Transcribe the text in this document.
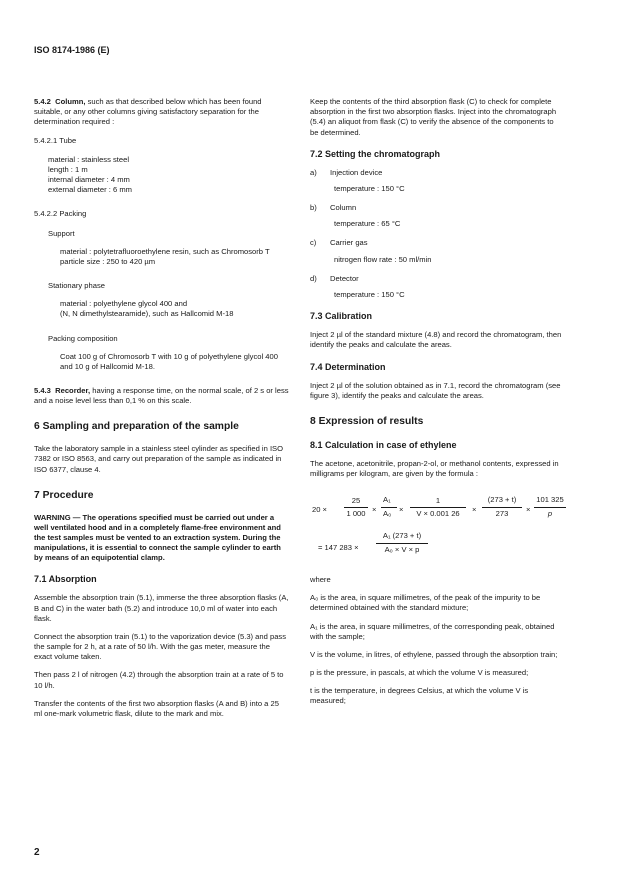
ISO 8174-1986 (E)

5.4.2 Column, such as that described below which has been found suitable, or any other columns giving satisfactory separation for the determination required :

5.4.2.1 Tube

material : stainless steel
length : 1 m
internal diameter : 4 mm
external diameter : 6 mm

5.4.2.2 Packing

Support

material : polytetrafluoroethylene resin, such as Chromosorb T
particle size : 250 to 420 µm

Stationary phase

material : polyethylene glycol 400 and
(N, N dimethylstearamide), such as Hallcomid M-18

Packing composition

Coat 100 g of Chromosorb T with 10 g of polyethylene glycol 400 and 10 g of Hallcomid M-18.

5.4.3 Recorder, having a response time, on the normal scale, of 2 s or less and a noise level less than 0,1 % on this scale.

6 Sampling and preparation of the sample

Take the laboratory sample in a stainless steel cylinder as specified in ISO 7382 or ISO 8563, and carry out preparation of the sample as indicated in ISO 6377, clause 4.

7 Procedure

WARNING — The operations specified must be carried out under a well ventilated hood and in a completely flame-free environment and the test samples must be vented to an extraction system. During the manipulations, it is essential to connect the sample cylinder to earth by means of an equipotential clamp.

7.1 Absorption

Assemble the absorption train (5.1), immerse the three absorption flasks (A, B and C) in the water bath (5.2) and introduce 10,0 ml of water into each flask.

Connect the absorption train (5.1) to the vaporization device (5.3) and pass the sample for 2 h, at a rate of 50 l/h. With the gas meter, measure the exact volume taken.

Then pass 2 l of nitrogen (4.2) through the absorption train at a rate of 5 to 10 l/h.

Transfer the contents of the first two absorption flasks (A and B) into a 25 ml one-mark volumetric flask, dilute to the mark and mix.

Keep the contents of the third absorption flask (C) to check for complete absorption in the first two absorption flasks. Inject into the chromatograph (5.4) an aliquot from flask (C) to verify the absence of the components to be determined.

7.2 Setting the chromatograph
a)	Injection device
temperature : 150 °C
b)	Column
temperature : 65 °C
c)	Carrier gas
nitrogen flow rate : 50 ml/min
d)	Detector
temperature : 150 °C
7.3 Calibration

Inject 2 µl of the standard mixture (4.8) and record the chromatogram, then identify the peaks and calculate the areas.

7.4 Determination

Inject 2 µl of the solution obtained as in 7.1, record the chromatogram (see figure 3), identify the peaks and calculate the areas.

8 Expression of results
8.1 Calculation in case of ethylene

The acetone, acetonitrile, propan-2-ol, or methanol contents, expressed in milligrams per kilogram, are given by the formula :

20 ×
25
1 000 ×
A₁
A₀ ×
1
V × 0.001 26	×
(273 + t)
273	×
101 325
p
= 147 283 ×
A₁ (273 + t)
A₀ × V × p

where

A₀ is the area, in square millimetres, of the peak of the impurity to be determined obtained with the standard mixture;

A₁ is the area, in square millimetres, of the corresponding peak, obtained with the sample;

V is the volume, in litres, of ethylene, passed through the absorption train;

p is the pressure, in pascals, at which the volume V is measured;

t is the temperature, in degrees Celsius, at which the volume V is measured;

2
